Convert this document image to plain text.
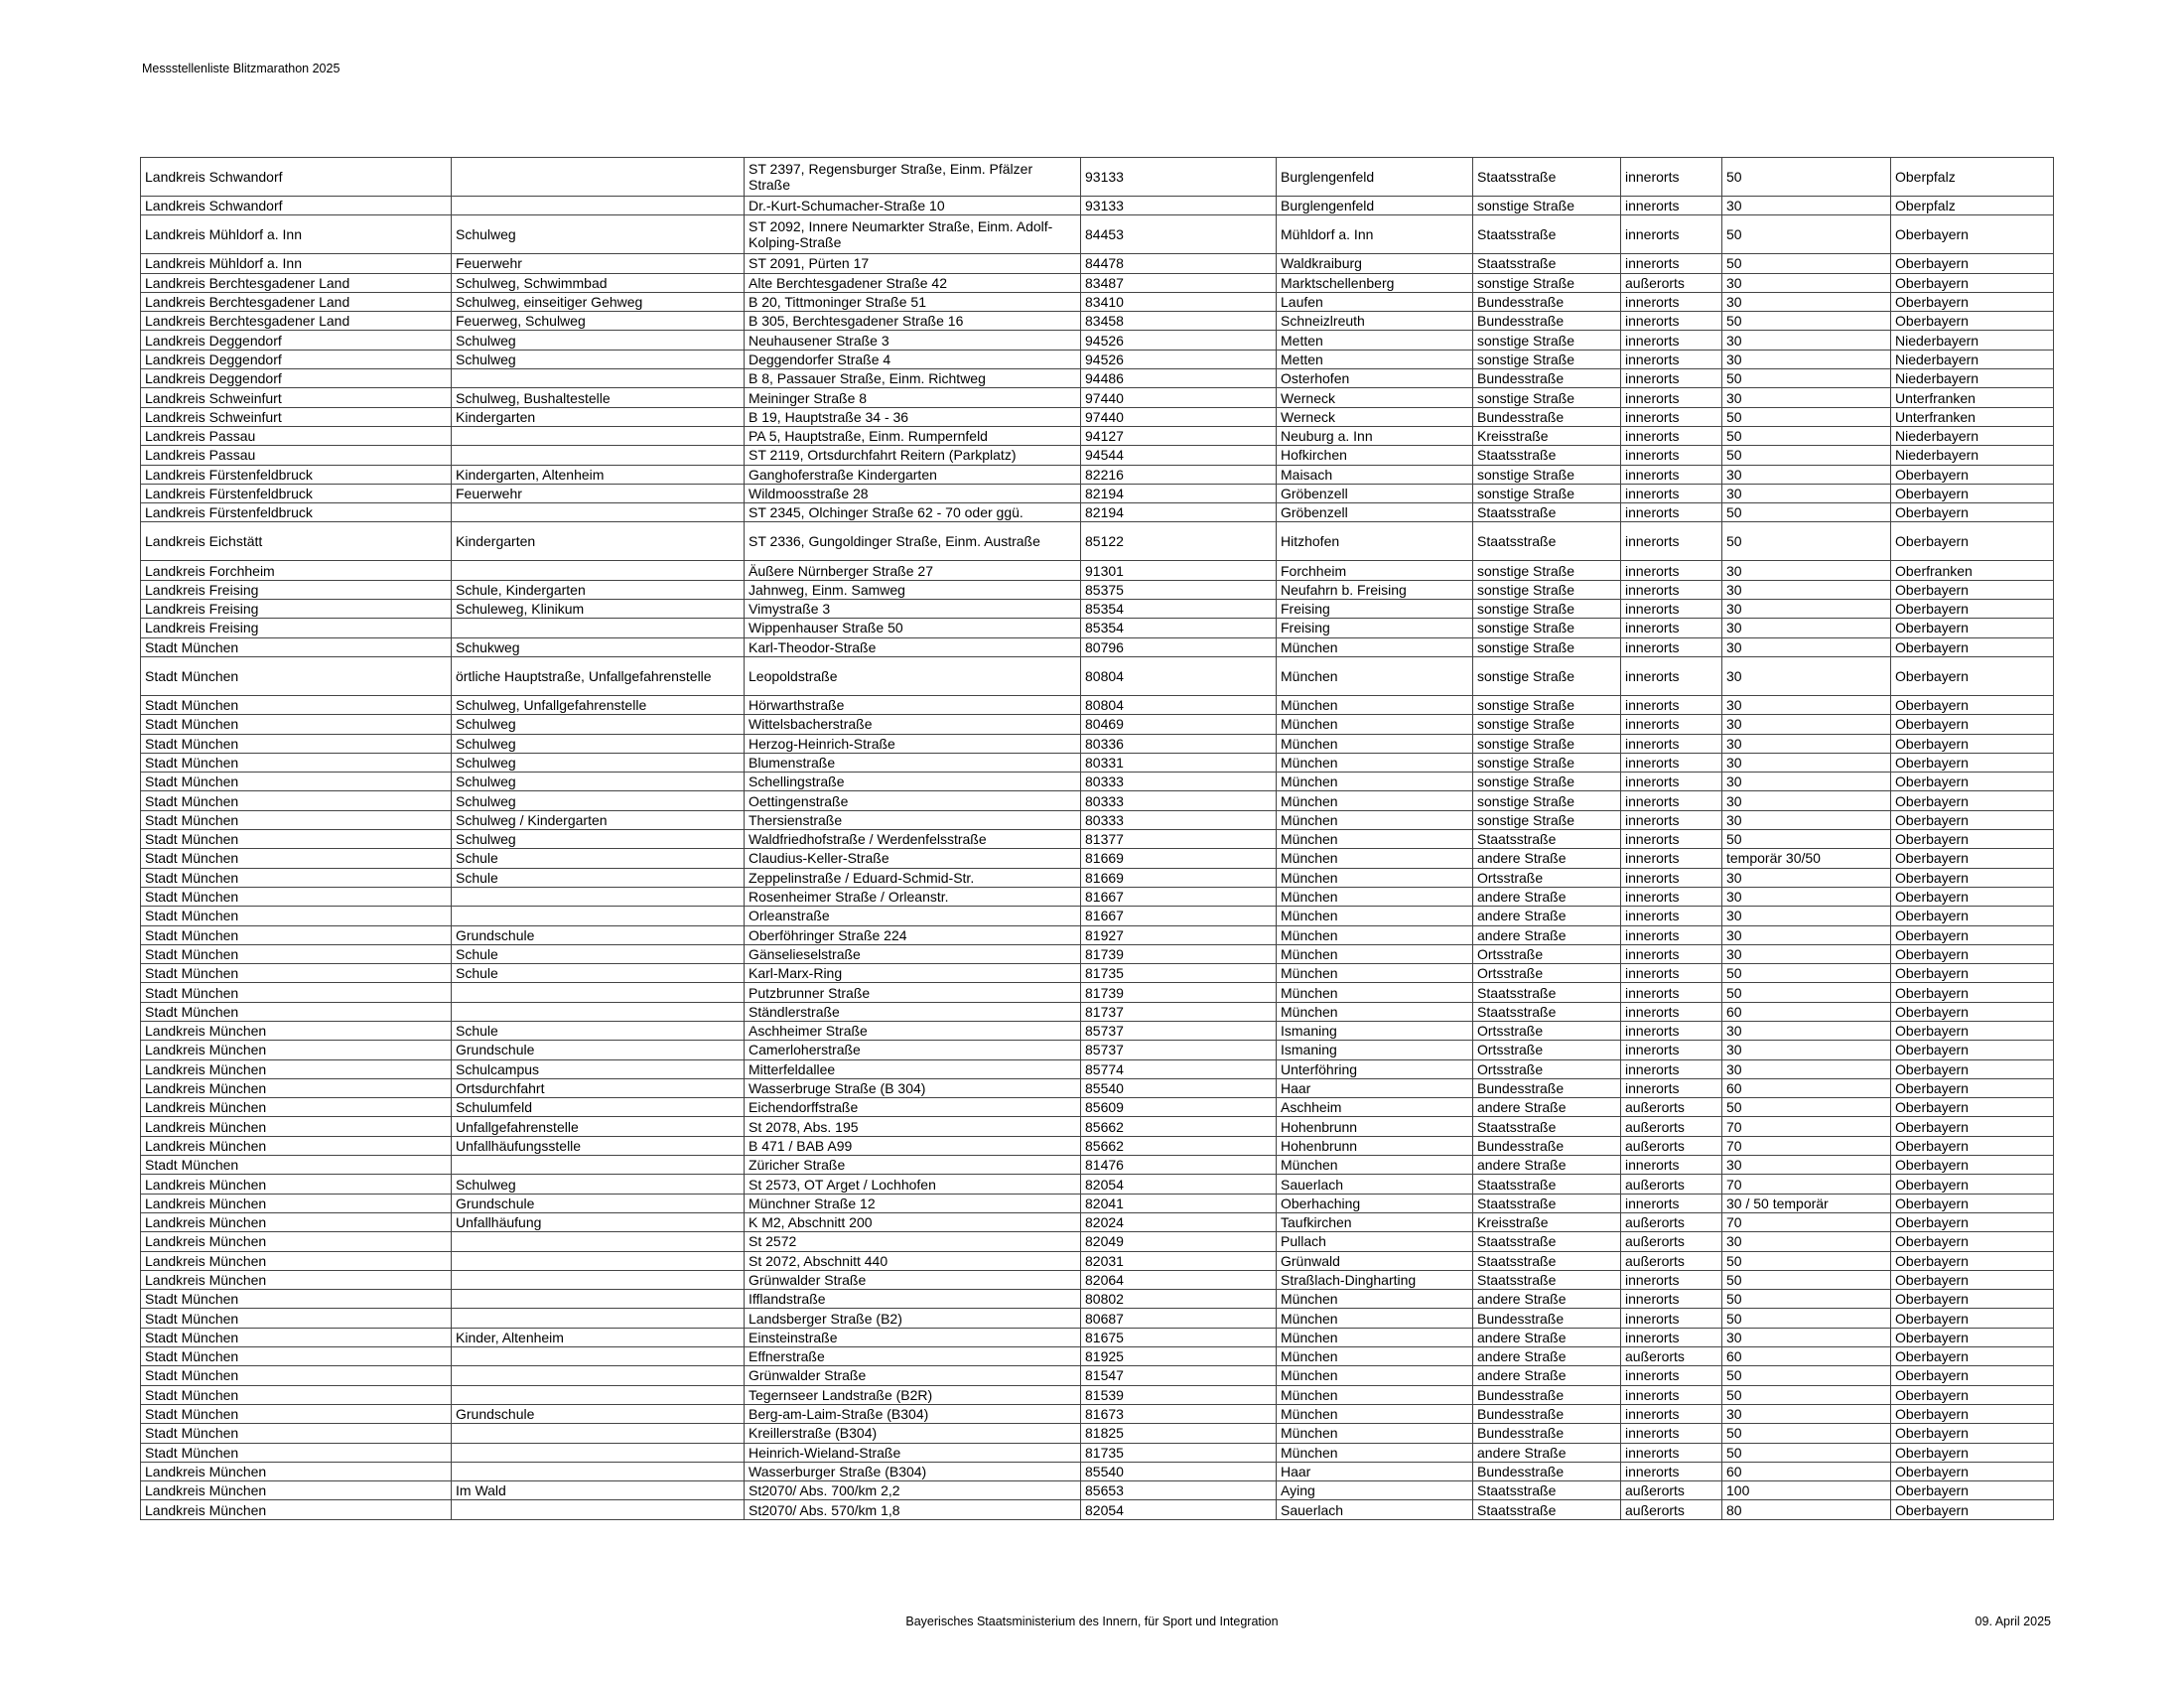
Messstellenliste Blitzmarathon 2025
Landkreis Schwandorf		ST 2397, Regensburger Straße, Einm. Pfälzer Straße	93133	Burglengenfeld	Staatsstraße	innerorts	50	Oberpfalz
Landkreis Schwandorf		Dr.-Kurt-Schumacher-Straße 10	93133	Burglengenfeld	sonstige Straße	innerorts	30	Oberpfalz
Landkreis Mühldorf a. Inn	Schulweg	ST 2092, Innere Neumarkter Straße, Einm. Adolf-Kolping-Straße	84453	Mühldorf a. Inn	Staatsstraße	innerorts	50	Oberbayern
Landkreis Mühldorf a. Inn	Feuerwehr	ST 2091, Pürten 17	84478	Waldkraiburg	Staatsstraße	innerorts	50	Oberbayern
Landkreis Berchtesgadener Land	Schulweg, Schwimmbad	Alte Berchtesgadener Straße 42	83487	Marktschellenberg	sonstige Straße	außerorts	30	Oberbayern
Landkreis Berchtesgadener Land	Schulweg, einseitiger Gehweg	B 20, Tittmoninger Straße 51	83410	Laufen	Bundesstraße	innerorts	30	Oberbayern
Landkreis Berchtesgadener Land	Feuerweg, Schulweg	B 305, Berchtesgadener Straße 16	83458	Schneizlreuth	Bundesstraße	innerorts	50	Oberbayern
Landkreis Deggendorf	Schulweg	Neuhausener Straße 3	94526	Metten	sonstige Straße	innerorts	30	Niederbayern
Landkreis Deggendorf	Schulweg	Deggendorfer Straße 4	94526	Metten	sonstige Straße	innerorts	30	Niederbayern
Landkreis Deggendorf		B 8, Passauer Straße, Einm. Richtweg	94486	Osterhofen	Bundesstraße	innerorts	50	Niederbayern
Landkreis Schweinfurt	Schulweg, Bushaltestelle	Meininger Straße 8	97440	Werneck	sonstige Straße	innerorts	30	Unterfranken
Landkreis Schweinfurt	Kindergarten	B 19, Hauptstraße 34 - 36	97440	Werneck	Bundesstraße	innerorts	50	Unterfranken
Landkreis Passau		PA 5, Hauptstraße, Einm. Rumpernfeld	94127	Neuburg a. Inn	Kreisstraße	innerorts	50	Niederbayern
Landkreis Passau		ST 2119, Ortsdurchfahrt Reitern (Parkplatz)	94544	Hofkirchen	Staatsstraße	innerorts	50	Niederbayern
Landkreis Fürstenfeldbruck	Kindergarten, Altenheim	Ganghoferstraße Kindergarten	82216	Maisach	sonstige Straße	innerorts	30	Oberbayern
Landkreis Fürstenfeldbruck	Feuerwehr	Wildmoosstraße 28	82194	Gröbenzell	sonstige Straße	innerorts	30	Oberbayern
Landkreis Fürstenfeldbruck		ST 2345, Olchinger Straße 62 - 70 oder ggü.	82194	Gröbenzell	Staatsstraße	innerorts	50	Oberbayern
Landkreis Eichstätt	Kindergarten	ST 2336, Gungoldinger Straße, Einm. Austraße	85122	Hitzhofen	Staatsstraße	innerorts	50	Oberbayern
Landkreis Forchheim		Äußere Nürnberger Straße 27	91301	Forchheim	sonstige Straße	innerorts	30	Oberfranken
Landkreis Freising	Schule, Kindergarten	Jahnweg, Einm. Samweg	85375	Neufahrn b. Freising	sonstige Straße	innerorts	30	Oberbayern
Landkreis Freising	Schuleweg, Klinikum	Vimystraße 3	85354	Freising	sonstige Straße	innerorts	30	Oberbayern
Landkreis Freising		Wippenhauser Straße 50	85354	Freising	sonstige Straße	innerorts	30	Oberbayern
Stadt München	Schukweg	Karl-Theodor-Straße	80796	München	sonstige Straße	innerorts	30	Oberbayern
Stadt München	örtliche Hauptstraße, Unfallgefahrenstelle	Leopoldstraße	80804	München	sonstige Straße	innerorts	30	Oberbayern
Stadt München	Schulweg, Unfallgefahrenstelle	Hörwarthstraße	80804	München	sonstige Straße	innerorts	30	Oberbayern
Stadt München	Schulweg	Wittelsbacherstraße	80469	München	sonstige Straße	innerorts	30	Oberbayern
Stadt München	Schulweg	Herzog-Heinrich-Straße	80336	München	sonstige Straße	innerorts	30	Oberbayern
Stadt München	Schulweg	Blumenstraße	80331	München	sonstige Straße	innerorts	30	Oberbayern
Stadt München	Schulweg	Schellingstraße	80333	München	sonstige Straße	innerorts	30	Oberbayern
Stadt München	Schulweg	Oettingenstraße	80333	München	sonstige Straße	innerorts	30	Oberbayern
Stadt München	Schulweg / Kindergarten	Thersienstraße	80333	München	sonstige Straße	innerorts	30	Oberbayern
Stadt München	Schulweg	Waldfriedhofstraße / Werdenfelsstraße	81377	München	Staatsstraße	innerorts	50	Oberbayern
Stadt München	Schule	Claudius-Keller-Straße	81669	München	andere Straße	innerorts	temporär 30/50	Oberbayern
Stadt München	Schule	Zeppelinstraße / Eduard-Schmid-Str.	81669	München	Ortsstraße	innerorts	30	Oberbayern
Stadt München		Rosenheimer Straße / Orleanstr.	81667	München	andere Straße	innerorts	30	Oberbayern
Stadt München		Orleanstraße	81667	München	andere Straße	innerorts	30	Oberbayern
Stadt München	Grundschule	Oberföhringer Straße 224	81927	München	andere Straße	innerorts	30	Oberbayern
Stadt München	Schule	Gänselieselstraße	81739	München	Ortsstraße	innerorts	30	Oberbayern
Stadt München	Schule	Karl-Marx-Ring	81735	München	Ortsstraße	innerorts	50	Oberbayern
Stadt München		Putzbrunner Straße	81739	München	Staatsstraße	innerorts	50	Oberbayern
Stadt München		Ständlerstraße	81737	München	Staatsstraße	innerorts	60	Oberbayern
Landkreis München	Schule	Aschheimer Straße	85737	Ismaning	Ortsstraße	innerorts	30	Oberbayern
Landkreis München	Grundschule	Camerloherstraße	85737	Ismaning	Ortsstraße	innerorts	30	Oberbayern
Landkreis München	Schulcampus	Mitterfeldallee	85774	Unterföhring	Ortsstraße	innerorts	30	Oberbayern
Landkreis München	Ortsdurchfahrt	Wasserbruge Straße (B 304)	85540	Haar	Bundesstraße	innerorts	60	Oberbayern
Landkreis München	Schulumfeld	Eichendorffstraße	85609	Aschheim	andere Straße	außerorts	50	Oberbayern
Landkreis München	Unfallgefahrenstelle	St 2078, Abs. 195	85662	Hohenbrunn	Staatsstraße	außerorts	70	Oberbayern
Landkreis München	Unfallhäufungsstelle	B 471 / BAB A99	85662	Hohenbrunn	Bundesstraße	außerorts	70	Oberbayern
Stadt München		Züricher Straße	81476	München	andere Straße	innerorts	30	Oberbayern
Landkreis München	Schulweg	St 2573, OT Arget / Lochhofen	82054	Sauerlach	Staatsstraße	außerorts	70	Oberbayern
Landkreis München	Grundschule	Münchner Straße 12	82041	Oberhaching	Staatsstraße	innerorts	30 / 50 temporär	Oberbayern
Landkreis München	Unfallhäufung	K M2, Abschnitt 200	82024	Taufkirchen	Kreisstraße	außerorts	70	Oberbayern
Landkreis München		St 2572	82049	Pullach	Staatsstraße	außerorts	30	Oberbayern
Landkreis München		St 2072, Abschnitt 440	82031	Grünwald	Staatsstraße	außerorts	50	Oberbayern
Landkreis München		Grünwalder Straße	82064	Straßlach-Dingharting	Staatsstraße	innerorts	50	Oberbayern
Stadt München		Ifflandstraße	80802	München	andere Straße	innerorts	50	Oberbayern
Stadt München		Landsberger Straße (B2)	80687	München	Bundesstraße	innerorts	50	Oberbayern
Stadt München	Kinder, Altenheim	Einsteinstraße	81675	München	andere Straße	innerorts	30	Oberbayern
Stadt München		Effnerstraße	81925	München	andere Straße	außerorts	60	Oberbayern
Stadt München		Grünwalder Straße	81547	München	andere Straße	innerorts	50	Oberbayern
Stadt München		Tegernseer Landstraße (B2R)	81539	München	Bundesstraße	innerorts	50	Oberbayern
Stadt München	Grundschule	Berg-am-Laim-Straße (B304)	81673	München	Bundesstraße	innerorts	30	Oberbayern
Stadt München		Kreillerstraße (B304)	81825	München	Bundesstraße	innerorts	50	Oberbayern
Stadt München		Heinrich-Wieland-Straße	81735	München	andere Straße	innerorts	50	Oberbayern
Landkreis München		Wasserburger Straße (B304)	85540	Haar	Bundesstraße	innerorts	60	Oberbayern
Landkreis München	Im Wald	St2070/ Abs. 700/km 2,2	85653	Aying	Staatsstraße	außerorts	100	Oberbayern
Landkreis München		St2070/ Abs. 570/km 1,8	82054	Sauerlach	Staatsstraße	außerorts	80	Oberbayern
Bayerisches Staatsministerium des Innern, für Sport und Integration	09. April 2025
